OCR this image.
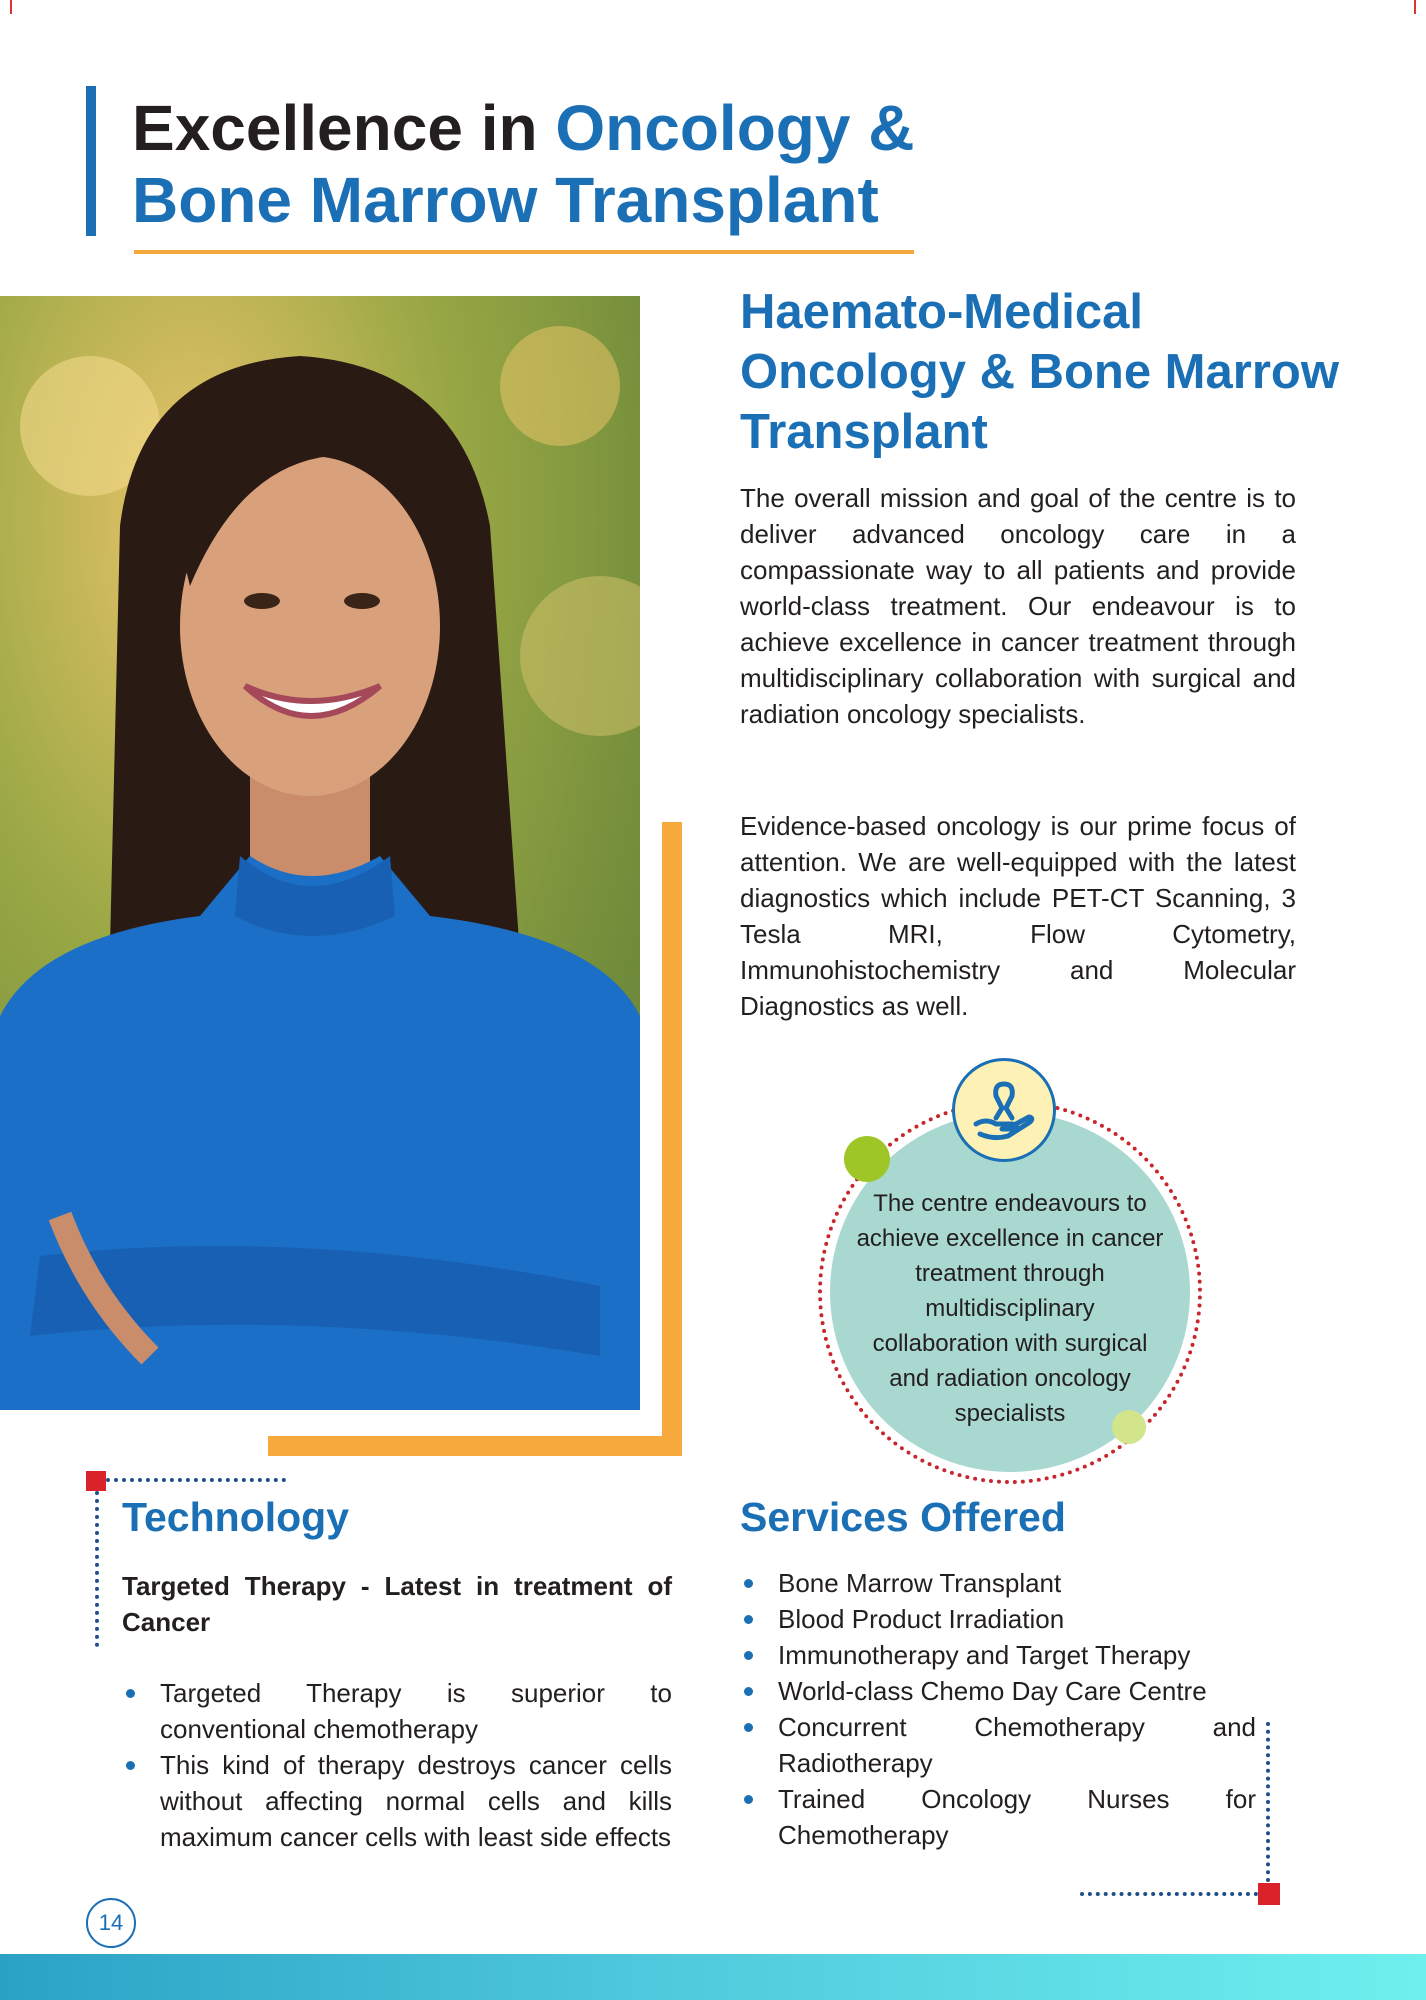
Excellence in Oncology &
Bone Marrow Transplant
Haemato-Medical
Oncology & Bone Marrow
Transplant

The overall mission and goal of the centre is to deliver advanced oncology care in a compassionate way to all patients and provide world-class treatment. Our endeavour is to achieve excellence in cancer treatment through multidisciplinary collaboration with surgical and radiation oncology specialists.

Evidence-based oncology is our prime focus of attention. We are well-equipped with the latest diagnostics which include PET-CT Scanning, 3 Tesla MRI, Flow Cytometry, Immunohistochemistry and Molecular Diagnostics as well.

The centre endeavours to achieve excellence in cancer treatment through multidisciplinary collaboration with surgical and radiation oncology specialists

Technology

Targeted Therapy - Latest in treatment of Cancer

Targeted Therapy is superior to conventional chemotherapy
This kind of therapy destroys cancer cells without affecting normal cells and kills maximum cancer cells with least side effects
Services Offered
Bone Marrow Transplant
Blood Product Irradiation
Immunotherapy and Target Therapy
World-class Chemo Day Care Centre
Concurrent Chemotherapy and Radiotherapy
Trained Oncology Nurses for Chemotherapy
14
